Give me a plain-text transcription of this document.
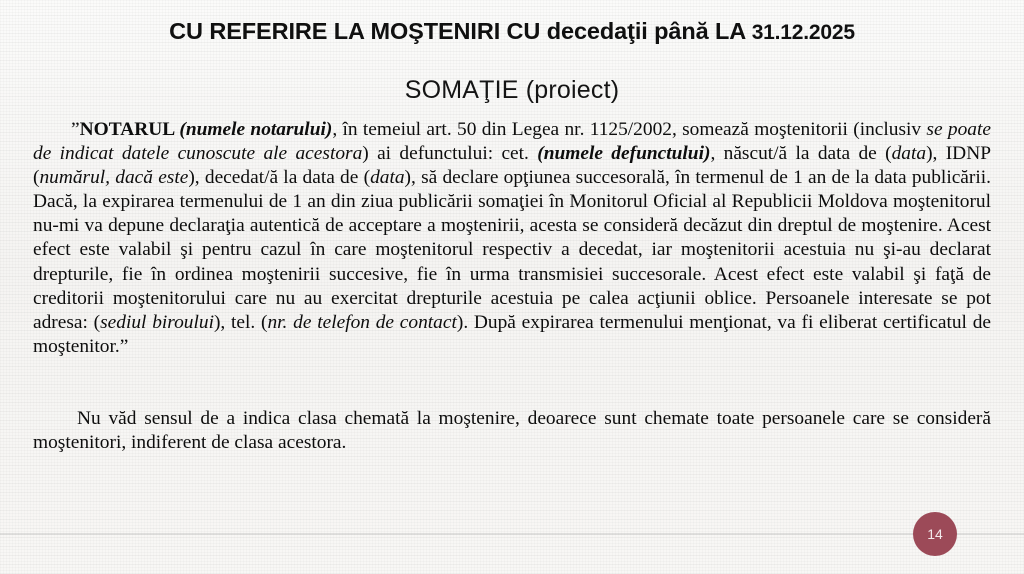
CU REFERIRE LA MOŞTENIRI CU decedaţii până LA 31.12.2025
SOMAŢIE (proiect)

”NOTARUL (numele notarului), în temeiul art. 50 din Legea nr. 1125/2002, somează moştenitorii (inclusiv se poate de indicat datele cunoscute ale acestora) ai defunctului: cet. (numele defunctului), născut/ă la data de (data), IDNP (numărul, dacă este), decedat/ă la data de (data), să declare opţiunea succesorală, în termenul de 1 an de la data publicării. Dacă, la expirarea termenului de 1 an din ziua publicării somaţiei în Monitorul Oficial al Republicii Moldova moştenitorul nu-mi va depune declaraţia autentică de acceptare a moştenirii, acesta se consideră decăzut din dreptul de moştenire. Acest efect este valabil şi pentru cazul în care moştenitorul respectiv a decedat, iar moştenitorii acestuia nu şi-au declarat drepturile, fie în ordinea moştenirii succesive, fie în urma transmisiei succesorale. Acest efect este valabil şi faţă de creditorii moştenitorului care nu au exercitat drepturile acestuia pe calea acţiunii oblice. Persoanele interesate se pot adresa: (sediul biroului), tel. (nr. de telefon de contact). După expirarea termenului menţionat, va fi eliberat certificatul de moştenitor.”

Nu văd sensul de a indica clasa chemată la moştenire, deoarece sunt chemate toate persoanele care se consideră moştenitori, indiferent de clasa acestora.

14
